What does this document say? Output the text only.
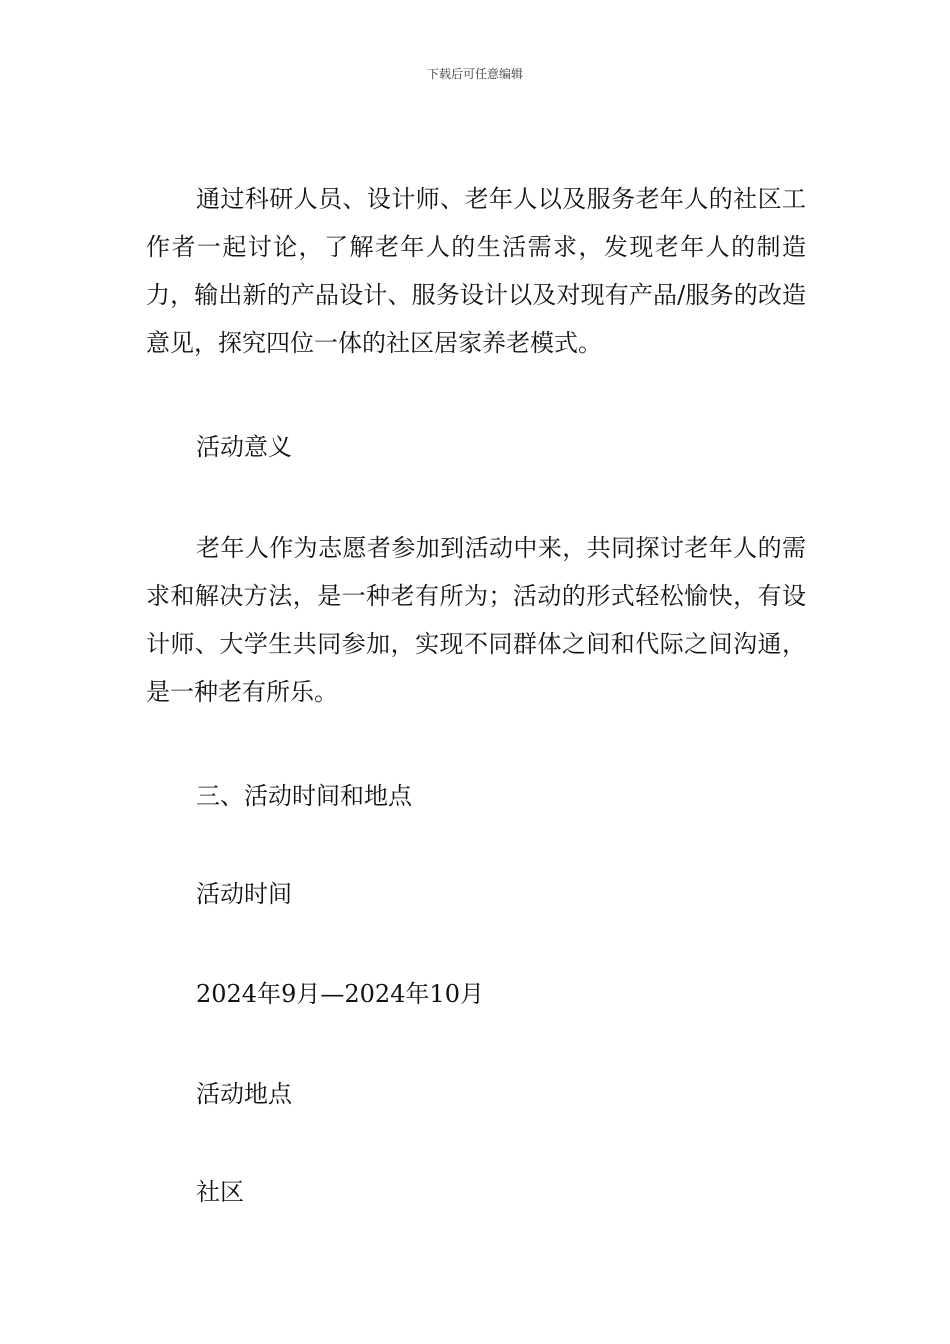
下载后可任意编辑

通过科研人员、设计师、老年人以及服务老年人的社区工作者一起讨论，了解老年人的生活需求，发现老年人的制造力，输出新的产品设计、服务设计以及对现有产品/服务的改造意见，探究四位一体的社区居家养老模式。

活动意义

老年人作为志愿者参加到活动中来，共同探讨老年人的需求和解决方法，是一种老有所为；活动的形式轻松愉快，有设计师、大学生共同参加，实现不同群体之间和代际之间沟通，是一种老有所乐。

三、活动时间和地点

活动时间

2024年9月—2024年10月

活动地点

社区
